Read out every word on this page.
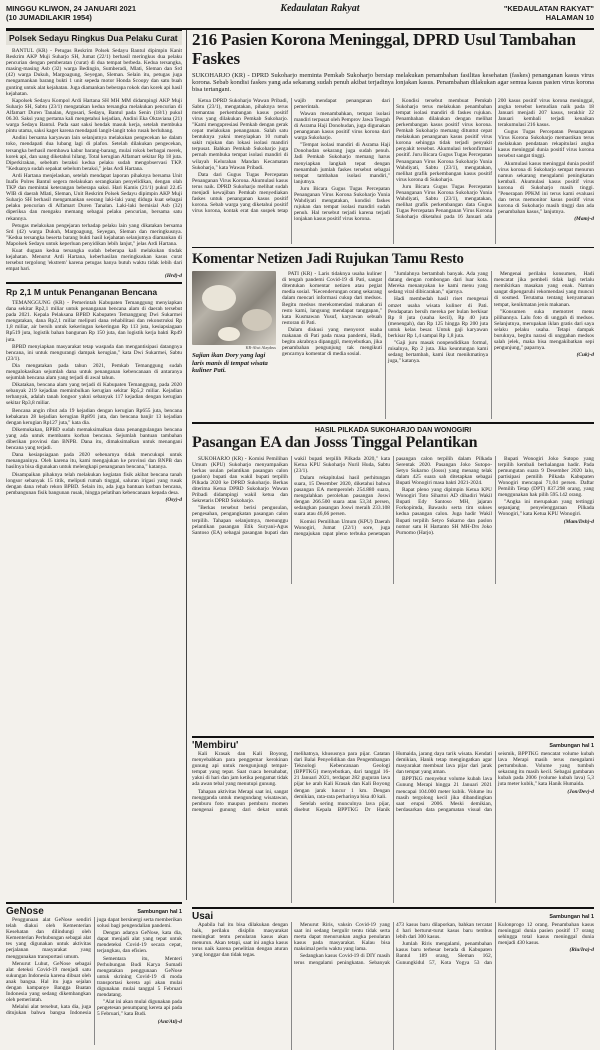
MINGGU KLIWON, 24 JANUARI 2021
(10 JUMADILAKIR 1954)
Kedaulatan Rakyat	"KEDAULATAN RAKYAT"
HALAMAN 10
Polsek Sedayu Ringkus Dua Pelaku Curat

BANTUL (KR) - Petugas Reskrim Polsek Sedayu Bantul dipimpin Kanit Reskrim AKP Muji Suharjo SH, Jumat (22/1) berhasil meringkus dua pelaku pencurian dengan pemberatan (curat) di dua tempat berbeda. Kedua tersangka, masing-masing Asb (32) warga Bedingin, Sumberadi, Mlati, Sleman dan Srd (42) warga Dukuh, Margoagung, Seyegan, Sleman. Selain itu, petugas juga mengamankan barang bukti 1 unit sepeda motor Honda Scoopy dan satu buah gunting untuk alat kejahatan. Juga diamankan beberapa rokok dan korek api hasil kejahatan.

Kapolsek Sedayu Kompol Ardi Hartana SH MH MM didampingi AKP Muji Suharjo SH, Sabtu (23/1) mengatakan kedua tersangka melakukan pencurian di Alfamart Duren Tanalan, Argosari, Sedayu, Bantul pada Senin (18/1) pukul 06.30. Saksi yang pertama kali mengetahui kejadian, Andini Eka Oktaviana (21) warga Sedayu Bantul. Pada saat saksi hendak masuk kerja, setelah membuka pintu utama, saksi kaget karena mendapati langit-langit toko rusak berlubang.

Andini bersama karyawan lain selanjutnya melakukan pengecekan ke dalam toko, mendapati dua lubang lagi di plafon. Setelah dilakukan pengecekan, tersangka berhasil membawa kabur barang-barang, mulai rokok berbagai merek, korek api, dan uang diketahui hilang. Total kerugian Alfamart sekitar Rp 18 juta. Diperkirakan, sebelum beraksi kedua pelaku sudah mengobservasi TKP. "Keduanya sudah sepakat sebelum beraksi," jelas Ardi Hartana.

Ardi Hartana menjelaskan, setelah mendapat laporan pihaknya bersama Unit Inafis Polres Bantul segera melakukan serangkaian penyelidikan, dengan olah TKP dan memintai keterangan beberapa saksi. Hari Kamis (21/1) pukul 22.45 WIB di daerah Mlati, Sleman, Unit Reskrim Polsek Sedayu dipimpin AKP Muji Suharjo SH berhasil mengamankan seorang laki-laki yang diduga kuat sebagai pelaku pencurian di Alfamart Duren Tanalan. Laki-laki bernisial Asb (32) diperiksa dan mengaku memang sebagai pelaku pencurian, bersama satu rekannya.

Petugas melakukan pengejaran terhadap pelaku lain yang dikatakan bersama Srd (42) warga Dukuh, Margoagung, Seyegan, Sleman dan meringkusnya. "Kedua tersangka beserta barang bukti hasil kejahatan selanjutnya diamankan di Mapolsek Sedayu untuk keperluan penyidikan lebih lanjut," jelas Ardi Hartana.

Kuat dugaan kedua tersangka sudah beberapa kali melakukan tindak kejahatan. Menurut Ardi Hartana, keberhasilan meringkuskan kasus curat tersebut tergolong 'ekstrem' karena petugas hanya butuh waktu tidak lebih dari empat hari.

(Hrd)-d
Rp 2,1 M untuk Penanganan Bencana

TEMANGGUNG (KR) - Pemerintah Kabupaten Temanggung menyiapkan dana sekitar Rp2,1 miliar untuk penanganan bencana alam di daerah tersebut pada 2021. Kepala Pelaksana BPBD Kabupaten Temanggung Dwi Sukarmei mengatakan, dana Rp2,1 miliar meliputi dana rehabilitasi dan rekonstruksi Rp 1,8 miliar, air bersih untuk kekeringan kekeringan Rp 113 juta, kesiapsiagaan Rp519 juta, logistik bahan bangunan Rp 150 juta, dan logistik kerja bakti Rp49 juta.

BPBD menyiapkan masyarakat tetap waspada dan mengantisipasi datangnya bencana, ini untuk mengurangi dampak kerugian," kata Dwi Sukarmei, Sabtu (23/1).

Dia mengatakan pada tahun 2021, Pemkab Temanggung sudah mengalokasikan sejumlah dana untuk penanganan kebencanaan di antaranya sejumlah bencana alam yang terjadi di awal tahun.

Dikatakan, bencana alam yang terjadi di Kabupaten Temanggung, pada 2020 sebanyak 219 kejadian meminbulkan kerugian sekitar Rp5,2 miliar. Kejadian terbanyak, adalah tanah longsor yakni sebanyak 117 kejadian dengan kerugian sekitar Rp3,8 miliar.

Bencana angin ribut ada 19 kejadian dengan kerugian Rp655 juta, bencana kebakaran 28 kejadian kerugian Rp891 juta, dan bencana banjir 13 kejadian dengan kerugian Rp127 juta," kata dia.

Dikemukakan, BPBD sudah memaksimalkan dana penanggulangan bencana yang ada untuk membantu korban bencana. Sejumlah bantuan tambahan diberikan provinsi dan BNPB. Dana itu, dimaksimalkan untuk menangani bencana yang terjadi.

Dana kesiapsiagaan pada 2020 sebenarnya tidak mencukupi untuk menanganinya. Oleh karena itu, kami mengajukan ke provinsi dan BNPB dan hasilnya bisa digunakan untuk melengkapi penanganan bencana," katanya.

Disampaikan pihaknya telah melakukan kegiatan fisik akibat bencana tanah longsor sebanyak 15 titik, meliputi rumah tinggal, saluran irigasi yang rusak dengan dana rehab rekon BPBD. Selain itu, ada juga bantuan korban bencana, pembangunan fisik bangunan rusak, hingga pelatihan kebencanaan kepada desa.

(Osy)-d
216 Pasien Korona Meninggal, DPRD Usul Tambahan Faskes

SUKOHARJO (KR) - DPRD Sukoharjo meminta Pemkab Sukoharjo bersiap melakukan penambahan fasilitas kesehatan (faskes) penanganan kasus virus korona. Sebab kondisi faskes yang ada sekarang sudah penuh akibat terjadinya lonjakan kasus. Penambahan dilakukan agar semua kasus pasien virus korona bisa tertangani.

Ketua DPRD Sukoharjo Wawan Pribadi, Sabtu (23/1), mengatakan, pihaknya terus memantau perkembangan kasus positif virus yang dilakukan Pemkab Sukoharjo. "Kami mengapresiasi Pemkab dengan gerak cepat melakukan penanganan. Salah satu bentuknya yakni menyiapkan 10 rumah sakit rujukan dan lokasi isolasi mandiri terpusat. Bahkan Pemkab Sukoharjo juga pernah membuka tempat isolasi mandiri di wilayah Kelurahan Mandan Kecamatan Sukoharjo," kata Wawan Pribadi.

Data dari Gugus Tugas Percepatan Penanganan Virus Korona. Akumulasi kasus terus naik. DPRD Sukoharjo melihat sudah menjadi kewajiban Pemkab menyediakan faskes untuk penanganan kasus positif korona. Sebab warga yang diketahui positif virus korona, kontak erat dan suspek tetap wajib mendapat penanganan dari pemerintah.

Wawan menambahkan, tempat isolasi mandiri terpusat oleh Pemprov Jawa Tengah di Asrama Haji Donohudan, juga digunakan penanganan kasus positif virus korona dari warga Sukoharjo.

"Tempat isolasi mandiri di Asrama Haji Donohudan sekarang juga sudah penuh. Jadi Pemkab Sukoharjo memang harus menyiapkan langkah tepat dengan menambah jumlah faskes tersebut sebagai tempat tambahan isolasi mandiri," lanjutnya.

Juru Bicara Gugus Tugas Percepatan Penanganan Virus Korona Sukoharjo Yunia Wahdiyati mengatakan, kondisi faskes rujukan dan tempat isolasi mandiri sudah penuh. Hal tersebut terjadi karena terjadi lonjakan kasus positif virus korona.

Kondisi tersebut membuat Pemkab Sukoharjo terus melakukan penambahan tempat isolasi mandiri di faskes rujukan. Penambahan dilakukan dengan melihat perkembangan kasus positif virus korona. Pemkab Sukoharjo memang dituntut cepat melakukan penanganan kasus positif virus korona sehingga tidak terjadi penyakit penyakit tersebut. Akumulasi terkonfirmasi positif. Juru Bicara Gugus Tugas Percepatan Penanganan Virus Korona Sukoharjo Yunia Wahdiyati, Sabtu (23/1), mengatakan, melihat grafik perkembangan kasus positif virus korona di Sukoharjo.

Juru Bicara Gugus Tugas Percepatan Penanganan Virus Korona Sukoharjo Yunia Wahdiyati, Sabtu (23/1), mengatakan, melihat grafik perkembangan data Gugus Tugas Percepatan Penanganan Virus Korona Sukoharjo diketahui pada 16 Januari ada 200 kasus positif virus korona meninggal, angka tersebut kemudian naik pada 18 Januari menjadi 207 kasus, terakhir 22 Januari kembali terjadi kenaikan terakumulasi 216 kasus.

Gugus Tugas Percepatan Penanganan Virus Korona Sukoharjo memastikan terus melakukan pendataan rekapitulasi angka kasus meninggal dunia positif virus korona tersebut sangat tinggi.

Akumulasi kasus meninggal dunia positif virus korona di Sukoharjo sempat menurun namun sekarang mengalami peningkatan kembali. Akumulasi kasus positif virus korona di Sukoharjo masih tinggi. "Penerapan PPKM ini terus kami evaluasi dan terus memonitor kasus positif virus korona di Sukoharjo masih tinggi dan ada penambahan kasus," lanjutnya.

(Mam)-d
Komentar Netizen Jadi Rujukan Tamu Resto
KR-Alwi Alaydrus
Sajian ikan Dory yang lagi laris manis di tempat wisata kuliner Pati.

PATI (KR) - Laris tidaknya usaha kuliner di tengah pandemi Covid-19 di Pati, sangat ditentukan komentar netizen atau pegiat media sosial. "Kecenderungan orang sekarang dalam mencari informasi cukup dari medsos. Begitu medsos merekomendasi makanan di resto kami, langsung mendapat tanggapan," kata Kusmawan Yusuf, karyawan sebuah restoran di Pati.

Dalam diskusi yang menyorot usaha makanan di Pati pada masa pandemi, Hadi, begitu akrabnya dipanggil, menyebutkan, jika penambahan pengunjung tak mengikuti gencarnya komentar di media sosial.

"Jumlahnya bertambah banyak. Ada yang datang dengan rombongan dari luar kota. Mereka menanyakan ke kami menu yang sedang viral dibicarakan," ujarnya.

Hadi membedah hasil riset mengenai omzet usaha wisata kuliner di Pati. Pendapatan bersih mereka per bulan berkisar Rp 8 juta (usaha kecil), Rp 40 juta (menengah), dan Rp 125 hingga Rp 200 juta untuk kelas besar. Untuk gaji karyawan berkisar Rp 1,4 sampai Rp 1,8 juta.

"Gaji juru masak nonpendidikan formal, misalnya, Rp 2 juta. Jika keuntungan kami sedang bertambah, kami ikut menikmatinya juga," katanya.

Mengenai perilaku konsumen, Hadi mencatat jika pembeli tidak lagi terlalu memikirkan masakan yang enak. Namun sangat dipengaruhi rekomendasi yang muncul di sosmed. Terutama tentang kenyamanan tempat, kenikmatan jenis makanan.

"Konsumen suka memotret menu pilihannya. Lalu foto di unggah di medsos. Selanjutnya, merupakan iklan gratis dari saya selaku pelaku usaha. Tetapi dampak buruknya, begitu narasi di unggahan medsos salah jelek, maka bisa mengakibatkan sepi pengunjung," paparnya.

(Cuk)-d
HASIL PILKADA SUKOHARJO DAN WONOGIRI
Pasangan EA dan Josss Tinggal Pelantikan

SUKOHARJO (KR) - Komisi Pemilihan Umum (KPU) Sukoharjo menyampaikan berkas usulan pelantikan pasangan calon (paslon) bupati dan wakil bupati terpilih Pilkada 2020 ke DPRD Sukoharjo. Berkas diterima Ketua DPRD Sukoharjo Wawan Pribadi didampingi wakil ketua dan Sekretaris DPRD Sukoharjo.

"Berkas tersebut berisi pengusulan, pengesahan, pengangkatan pasangan calon terpilih. Tahapan selanjutnya, menunggu pelantikan pasangan Etik Suryani-Agus Santoso (EA) sebagai pasangan bupati dan wakil bupati terpilih Pilkada 2020," kata Ketua KPU Sukoharjo Nuril Huda, Sabtu (23/1).

Dalam rekapitulasi hasil perhitungan suara, 15 Desember 2020, diketahui bahwa pasangan EA memperoleh 254.880 suara, mengalahkan perolehan pasangan Joswi dengan 266.500 suara atau 53,34 persen, sedangkan pasangan Joswi meraih 233.108 suara atau 46,66 persen.

Komisi Pemilihan Umum (KPU) Daerah Wonogiri, Jumat (22/1) sore, juga mengajukan rapat pleno terbuka penetapan pasangan calon terpilih dalam Pilkada Serentak 2020. Pasangan Joko Sutopo-Setyo Sukarno (Josss) yang menang telak dalam 425 suara sah ditetapkan sebagai Bupati Wonogiri masa bakti 2021-2024.

Rapat pleno yang dipimpin Ketua KPU Wonogiri Toto Sihartoi AD dihadiri Wakil Bupati Edy Santoso MH, jajaran Forkopimda, Bawaslu serta tim sukses kedua pasangan calon. Juga hadir Wakil Bupati terpilih Setyo Sukarno dan paslon nomor satu H Hartanto SH MH-Drs Joko Purnomo (Harjo).

Bupati Wonogiri Joko Sutopo yang terpilih kembali berhalangan hadir. Pada pemungutan suara 9 Desember 2020 lalu, partisipasi pemilih Pilkada Kabupaten Wonogiri mencapai 71,04 persen. Daftar Pemilih Tetap (DPT) 837.298 orang, yang menggunakan hak pilih 595.142 orang.

"Angka ini merupakan yang tertinggi sepanjang penyelenggaraan Pilkada Wonogiri," kata Ketua KPU Wonogiri.

(Mam/Dsh)-d
GeNose	Sambungan hal 1

Penggunaan alat GeNose sendiri telah diakui oleh Kementerian Kesehatan dan dilindungi oleh Kementerian Perhubungan sebagai alat tes yang digunakan untuk aktivitas perjalanan masyarakat yang menggunakan transportasi umum.

Menurut Luhut, GeNose sebagai alat deteksi Covid-19 menjadi satu sukungan Indonesia karena dibuat oleh anak bangsa. Hal itu juga sejalan dengan kampanye Bangga Buatan Indonesia yang sedang dikembangkan oleh pemerintah.

Melalui alat tersebut, kata dia, juga ditujukan bahwa bangsa Indonesia juga dapat bersinergi serta memberikan solusi bagi pengendalian pandemi.

Dengan adanya GeNose, kata dia, dapat menjadi alat yang tepat untuk mendeteksi Covid-19 secara cepat, terjangkau, dan efisien.

Sementara itu, Menteri Perhubungan Budi Karya Sumadi mengatakan penggunaan GeNose untuk skrining Covid-19 di moda transportasi kereta api akan mulai digunakan mulai tanggal 5 Februari mendatang.

"Alat ini akan mulai digunakan pada pengetesan penumpang kereta api pada 5 Februari," kata Budi.

(Ant/Ati)-d
'Membiru'	Sambungan hal 1

Kali Krasak dan Kali Boyong, menyebabkan para penggemar kerokinan gunung api untuk mengunjungi tempat-tempat yang tepat. Saat cuaca bersahabat, yakni di hari dan jam ketika pengamat tidak ada awan tebal yang menutupi gunung.

Tahapan aktivitas Merapi saat ini, sangat mengganda untuk mengundang wisatawan, pemburu foto maupun pemburu momen mengenai gunung dari dekat untuk melihatnya, khususnya para pijar. Catatan dari Balai Penyelidikan dan Pengembangan Teknologi Kebencanaan Geologi (BPPTKG) menyebutkan, dari tanggal 16-21 Januari 2021, terdapat 282 guguran lava pijar ke arah Kali Krasak dan Kali Boyong dengan jarak luncur 1 km. Dengan demikian, rata-rata perharinya bisa 40 kali.

Setelah sering munculnya lava pijar, disebut Kepala BPPTKG Dr Hanik Humaida, jarang daya tarik wisata. Kendati demikian, Hanik tetap mengingatkan agar masyarakat membuat lava pijar dari jarak dan tempat yang aman.

BPPTKG menyebut volume kubah lava Gunung Merapi hingga 21 Januari 2021 mencapai 104.000 meter kubik. Volume itu masih tergolong kecil jika dibandingkan saat erupsi 2006. Meski demikian, berdasarkan data pengamatan visual dan seismik, BPPTKG mencatat volume kubah lava Merapi masih terus mengalami pertumbuhan. Volume yang tumbuh sekarang itu masih kecil. Sebagai gambaran kubah pada 2006 (volume kubah lava) 5,3 juta meter kubik," kata Hanik Humaida.

(Jon/Dev)-d
Usai	Sambungan hal 1

Apabila hal itu bisa dilakukan dengan baik, perilaku disiplin masyarakat meningkat tentu penularan kasus akan menurun. Akan tetapi, saat ini angka kasus terus naik karena penelitian dengan aturan yang longgar dan tidak tegas.

Menurut Riris, vaksin Covid-19 yang saat ini sedang bergulir tentu tidak serta merta dapat menurunkan angka penularan kasus pada masyarakat. Kalau bisa maksimal perlu waktu yang lama.

Sedangkan kasus Covid-19 di DIY masih terus mengalami peningkatan. Sebanyak 473 kasus baru dilaporkan, bahkan tercatat 4 hari berturut-turut kasus baru tembus lebih dari 300 kasus.

Jumlah Riris mengalami, penambahan kasus baru terbesar berada di Kabupaten Bantul 189 orang, Sleman 162, Gunungkidul 57, Kota Yogya 53 dan Kulonprogo 12 orang. Penambahan kasus meninggal dunia pasien positif 17 orang sehingga total kasus meninggal dunia menjadi 430 kasus.

(Riu/Ira)-d
